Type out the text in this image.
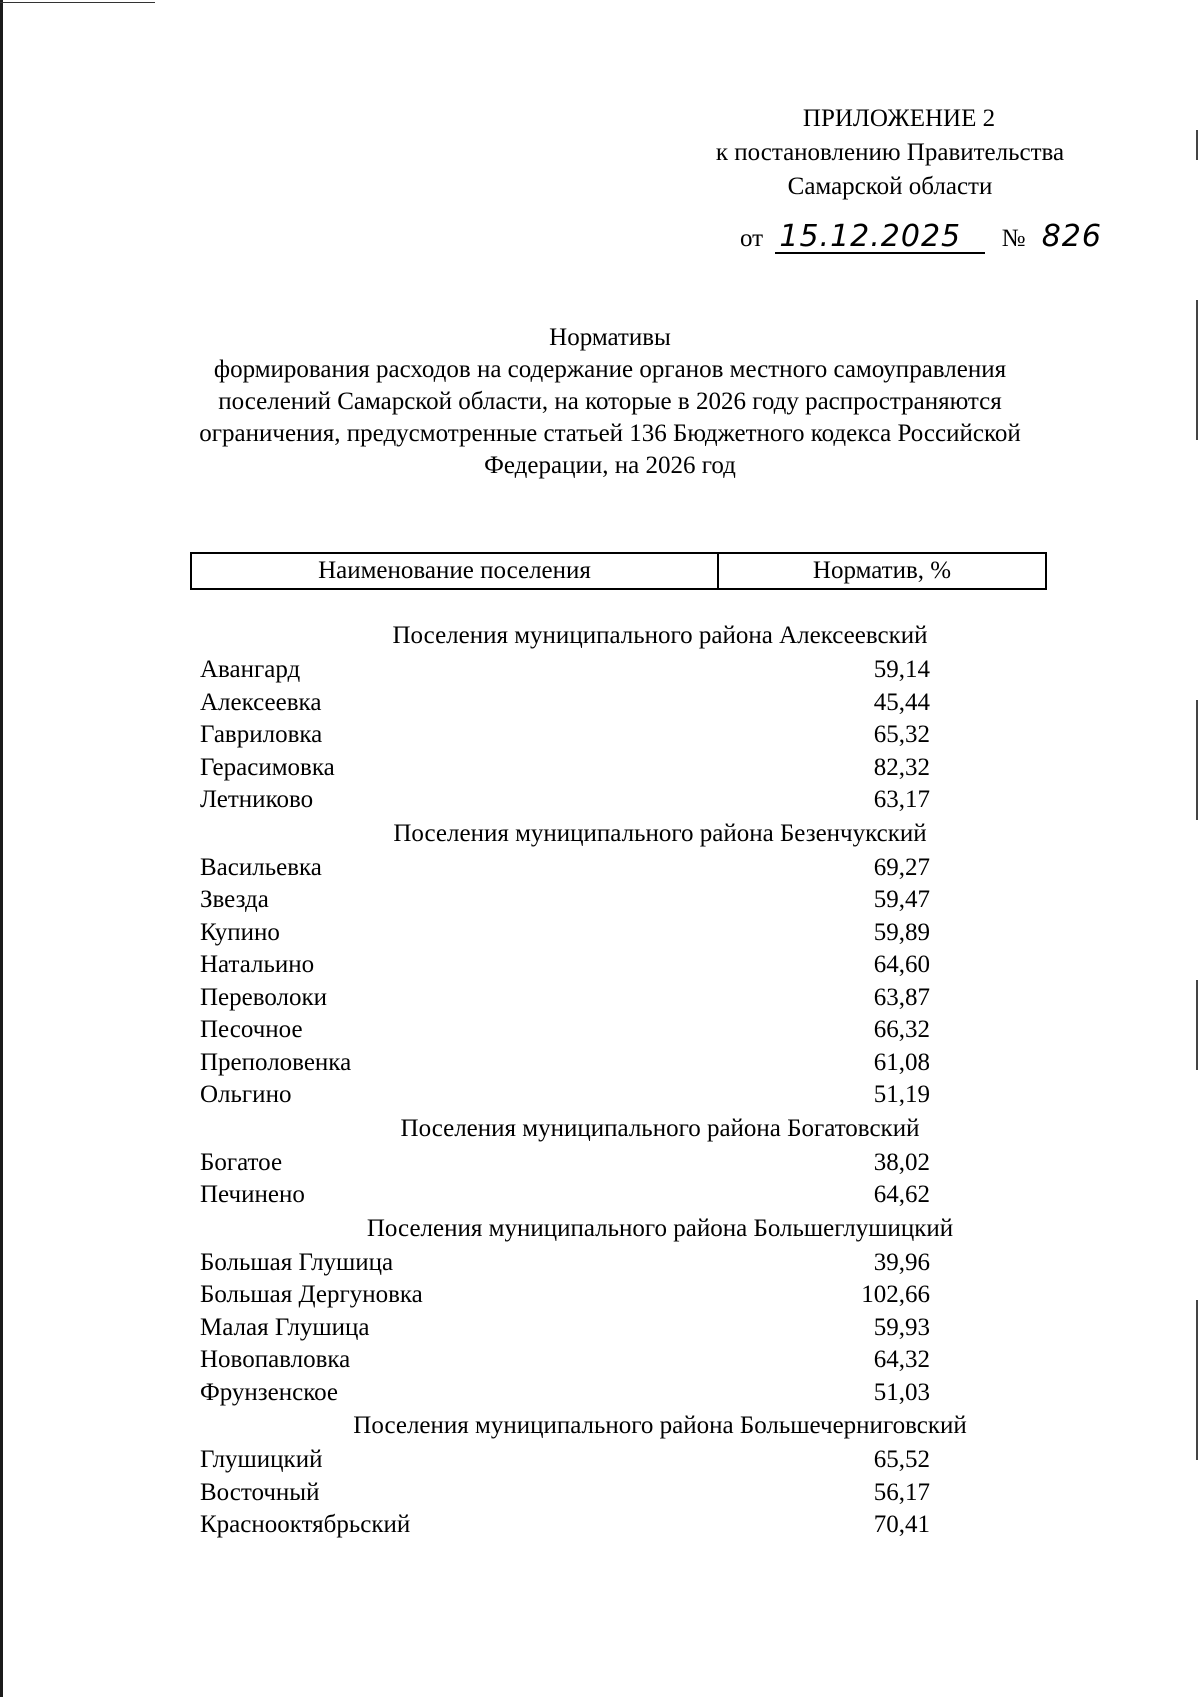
ПРИЛОЖЕНИЕ 2
к постановлению Правительства
Самарской области
от 15.12.2025 № 826
Нормативы
формирования расходов на содержание органов местного самоуправления
поселений Самарской области, на которые в 2026 году распространяются
ограничения, предусмотренные статьей 136 Бюджетного кодекса Российской
Федерации, на 2026 год
Наименование поселения	Норматив, %
Поселения муниципального района Алексеевский
Авангард	59,14
Алексеевка	45,44
Гавриловка	65,32
Герасимовка	82,32
Летниково	63,17
Поселения муниципального района Безенчукский
Васильевка	69,27
Звезда	59,47
Купино	59,89
Натальино	64,60
Переволоки	63,87
Песочное	66,32
Преполовенка	61,08
Ольгино	51,19
Поселения муниципального района Богатовский
Богатое	38,02
Печинено	64,62
Поселения муниципального района Большеглушицкий
Большая Глушица	39,96
Большая Дергуновка	102,66
Малая Глушица	59,93
Новопавловка	64,32
Фрунзенское	51,03
Поселения муниципального района Большечерниговский
Глушицкий	65,52
Восточный	56,17
Краснооктябрьский	70,41
